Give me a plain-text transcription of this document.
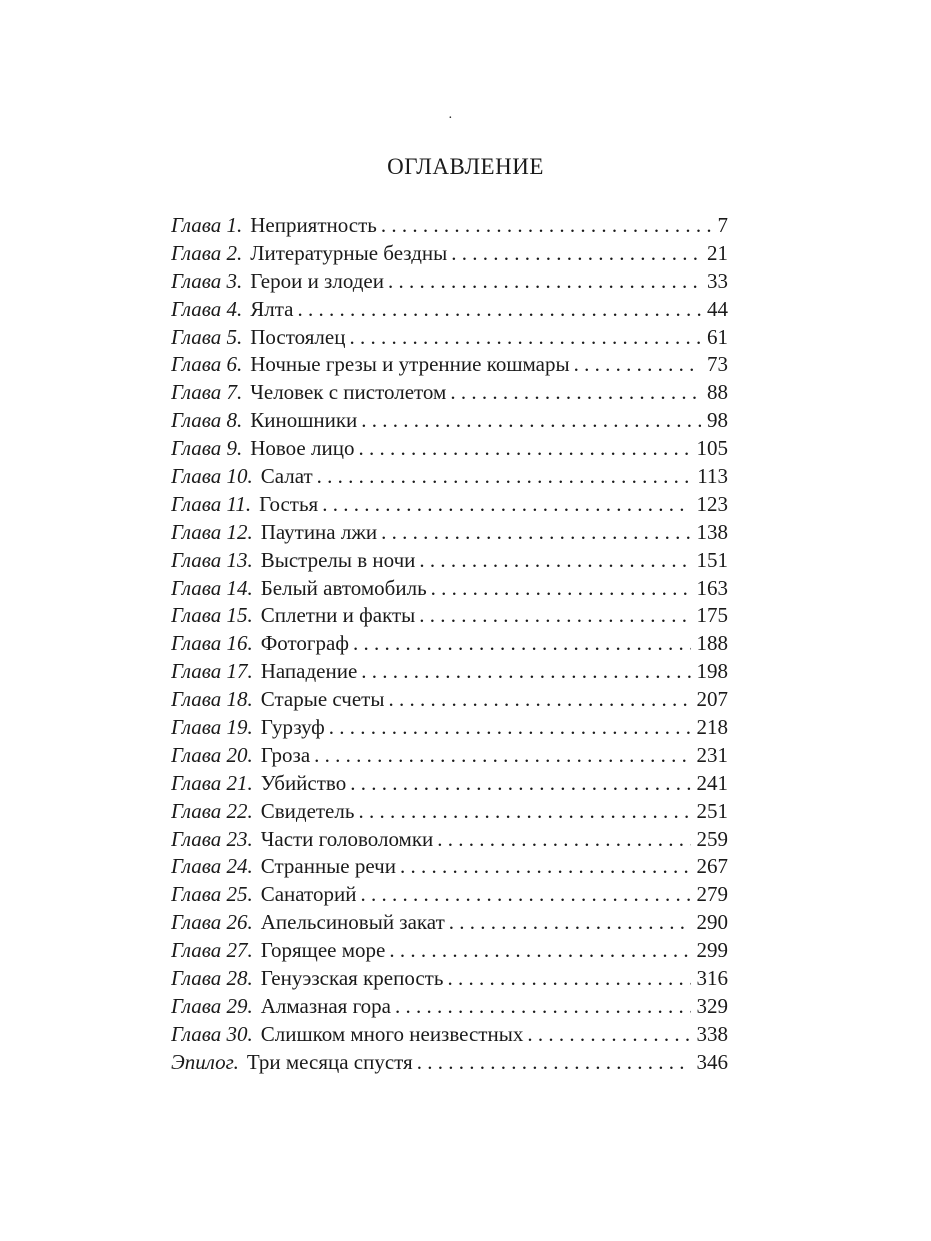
·
ОГЛАВЛЕНИЕ
Глава 1. Неприятность . . .	7
Глава 2. Литературные бездны . . .	21
Глава 3. Герои и злодеи . . .	33
Глава 4. Ялта . . .	44
Глава 5. Постоялец . . .	61
Глава 6. Ночные грезы и утренние кошмары . . .	73
Глава 7. Человек с пистолетом . . .	88
Глава 8. Киношники . . .	98
Глава 9. Новое лицо . . .	105
Глава 10. Салат . . .	113
Глава 11. Гостья . . .	123
Глава 12. Паутина лжи . . .	138
Глава 13. Выстрелы в ночи . . .	151
Глава 14. Белый автомобиль . . .	163
Глава 15. Сплетни и факты . . .	175
Глава 16. Фотограф . . .	188
Глава 17. Нападение . . .	198
Глава 18. Старые счеты . . .	207
Глава 19. Гурзуф . . .	218
Глава 20. Гроза . . .	231
Глава 21. Убийство . . .	241
Глава 22. Свидетель . . .	251
Глава 23. Части головоломки . . .	259
Глава 24. Странные речи . . .	267
Глава 25. Санаторий . . .	279
Глава 26. Апельсиновый закат . . .	290
Глава 27. Горящее море . . .	299
Глава 28. Генуэзская крепость . . .	316
Глава 29. Алмазная гора . . .	329
Глава 30. Слишком много неизвестных . . .	338
Эпилог. Три месяца спустя . . .	346
